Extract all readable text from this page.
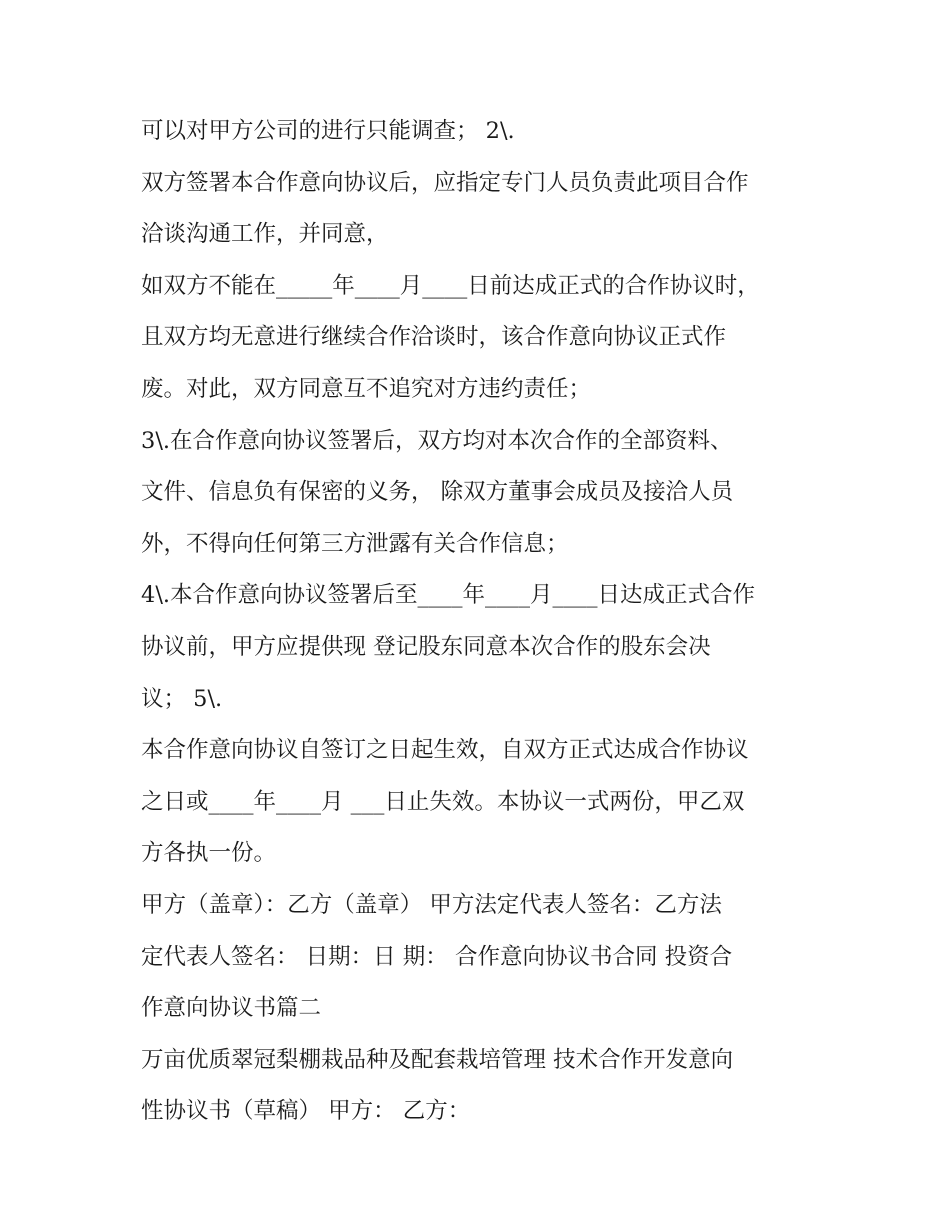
可以对甲方公司的进行只能调查； 2\.
双方签署本合作意向协议后，应指定专门人员负责此项目合作
洽谈沟通工作，并同意，
如双方不能在_____年____月____日前达成正式的合作协议时，
且双方均无意进行继续合作洽谈时，该合作意向协议正式作
废。对此，双方同意互不追究对方违约责任；
3\.在合作意向协议签署后，双方均对本次合作的全部资料、
文件、信息负有保密的义务， 除双方董事会成员及接洽人员
外，不得向任何第三方泄露有关合作信息；
4\.本合作意向协议签署后至____年____月____日达成正式合作
协议前，甲方应提供现 登记股东同意本次合作的股东会决
议； 5\.
本合作意向协议自签订之日起生效，自双方正式达成合作协议
之日或____年____月 ___日止失效。本协议一式两份，甲乙双
方各执一份。
甲方（盖章）：乙方（盖章） 甲方法定代表人签名：乙方法
定代表人签名： 日期：日 期： 合作意向协议书合同 投资合
作意向协议书篇二
万亩优质翠冠梨棚栽品种及配套栽培管理 技术合作开发意向
性协议书（草稿） 甲方： 乙方：
